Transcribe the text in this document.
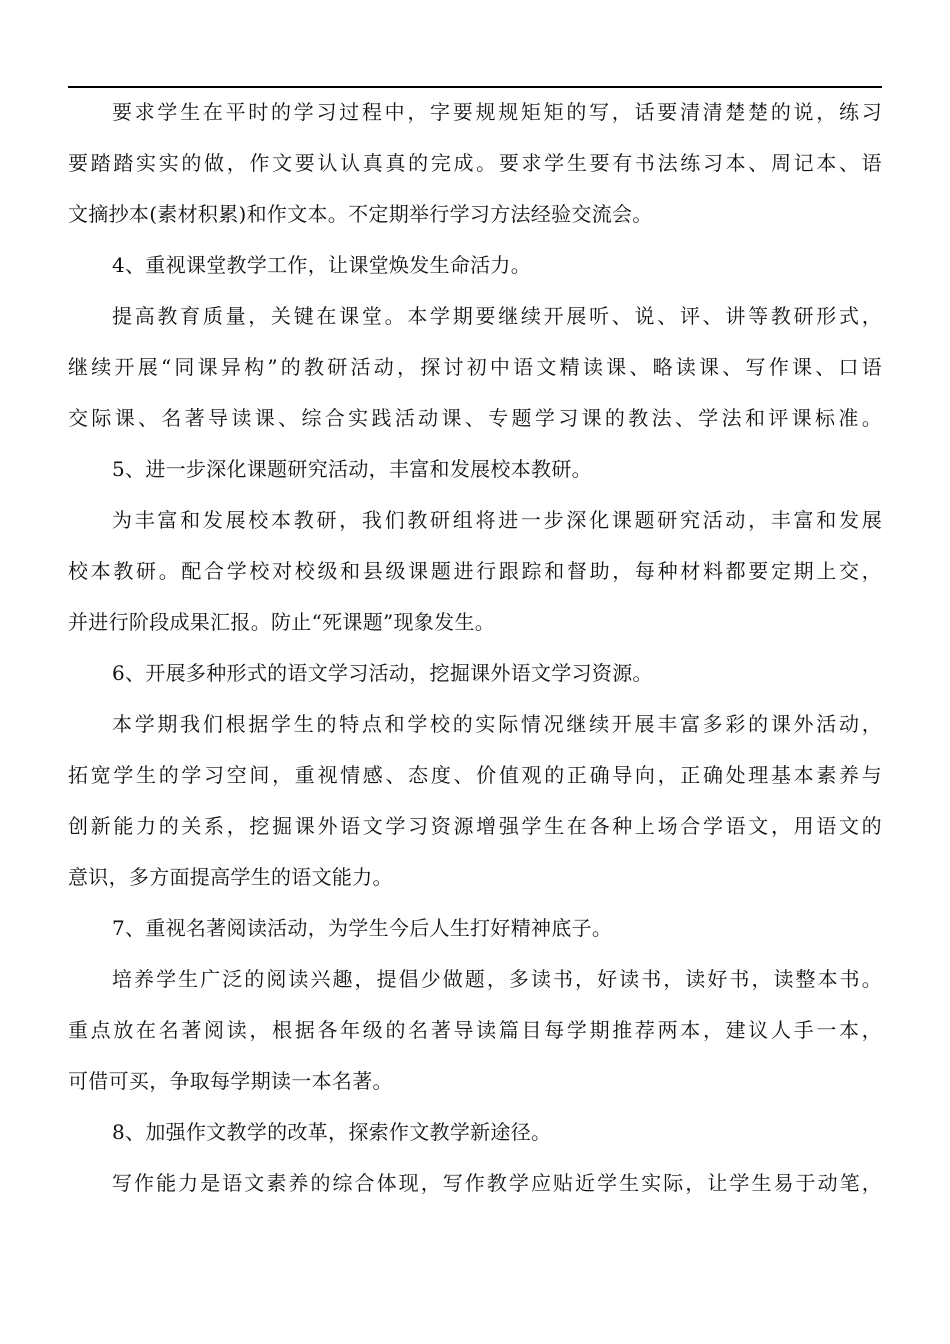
要求学生在平时的学习过程中，字要规规矩矩的写，话要清清楚楚的说，练习
要踏踏实实的做，作文要认认真真的完成。要求学生要有书法练习本、周记本、语
文摘抄本(素材积累)和作文本。不定期举行学习方法经验交流会。
4、重视课堂教学工作，让课堂焕发生命活力。
提高教育质量，关键在课堂。本学期要继续开展听、说、评、讲等教研形式，
继续开展“同课异构”的教研活动，探讨初中语文精读课、略读课、写作课、口语
交际课、名著导读课、综合实践活动课、专题学习课的教法、学法和评课标准。
5、进一步深化课题研究活动，丰富和发展校本教研。
为丰富和发展校本教研，我们教研组将进一步深化课题研究活动，丰富和发展
校本教研。配合学校对校级和县级课题进行跟踪和督助，每种材料都要定期上交，
并进行阶段成果汇报。防止“死课题”现象发生。
6、开展多种形式的语文学习活动，挖掘课外语文学习资源。
本学期我们根据学生的特点和学校的实际情况继续开展丰富多彩的课外活动，
拓宽学生的学习空间，重视情感、态度、价值观的正确导向，正确处理基本素养与
创新能力的关系，挖掘课外语文学习资源增强学生在各种上场合学语文，用语文的
意识，多方面提高学生的语文能力。
7、重视名著阅读活动，为学生今后人生打好精神底子。
培养学生广泛的阅读兴趣，提倡少做题，多读书，好读书，读好书，读整本书。
重点放在名著阅读，根据各年级的名著导读篇目每学期推荐两本，建议人手一本，
可借可买，争取每学期读一本名著。
8、加强作文教学的改革，探索作文教学新途径。
写作能力是语文素养的综合体现，写作教学应贴近学生实际，让学生易于动笔，
